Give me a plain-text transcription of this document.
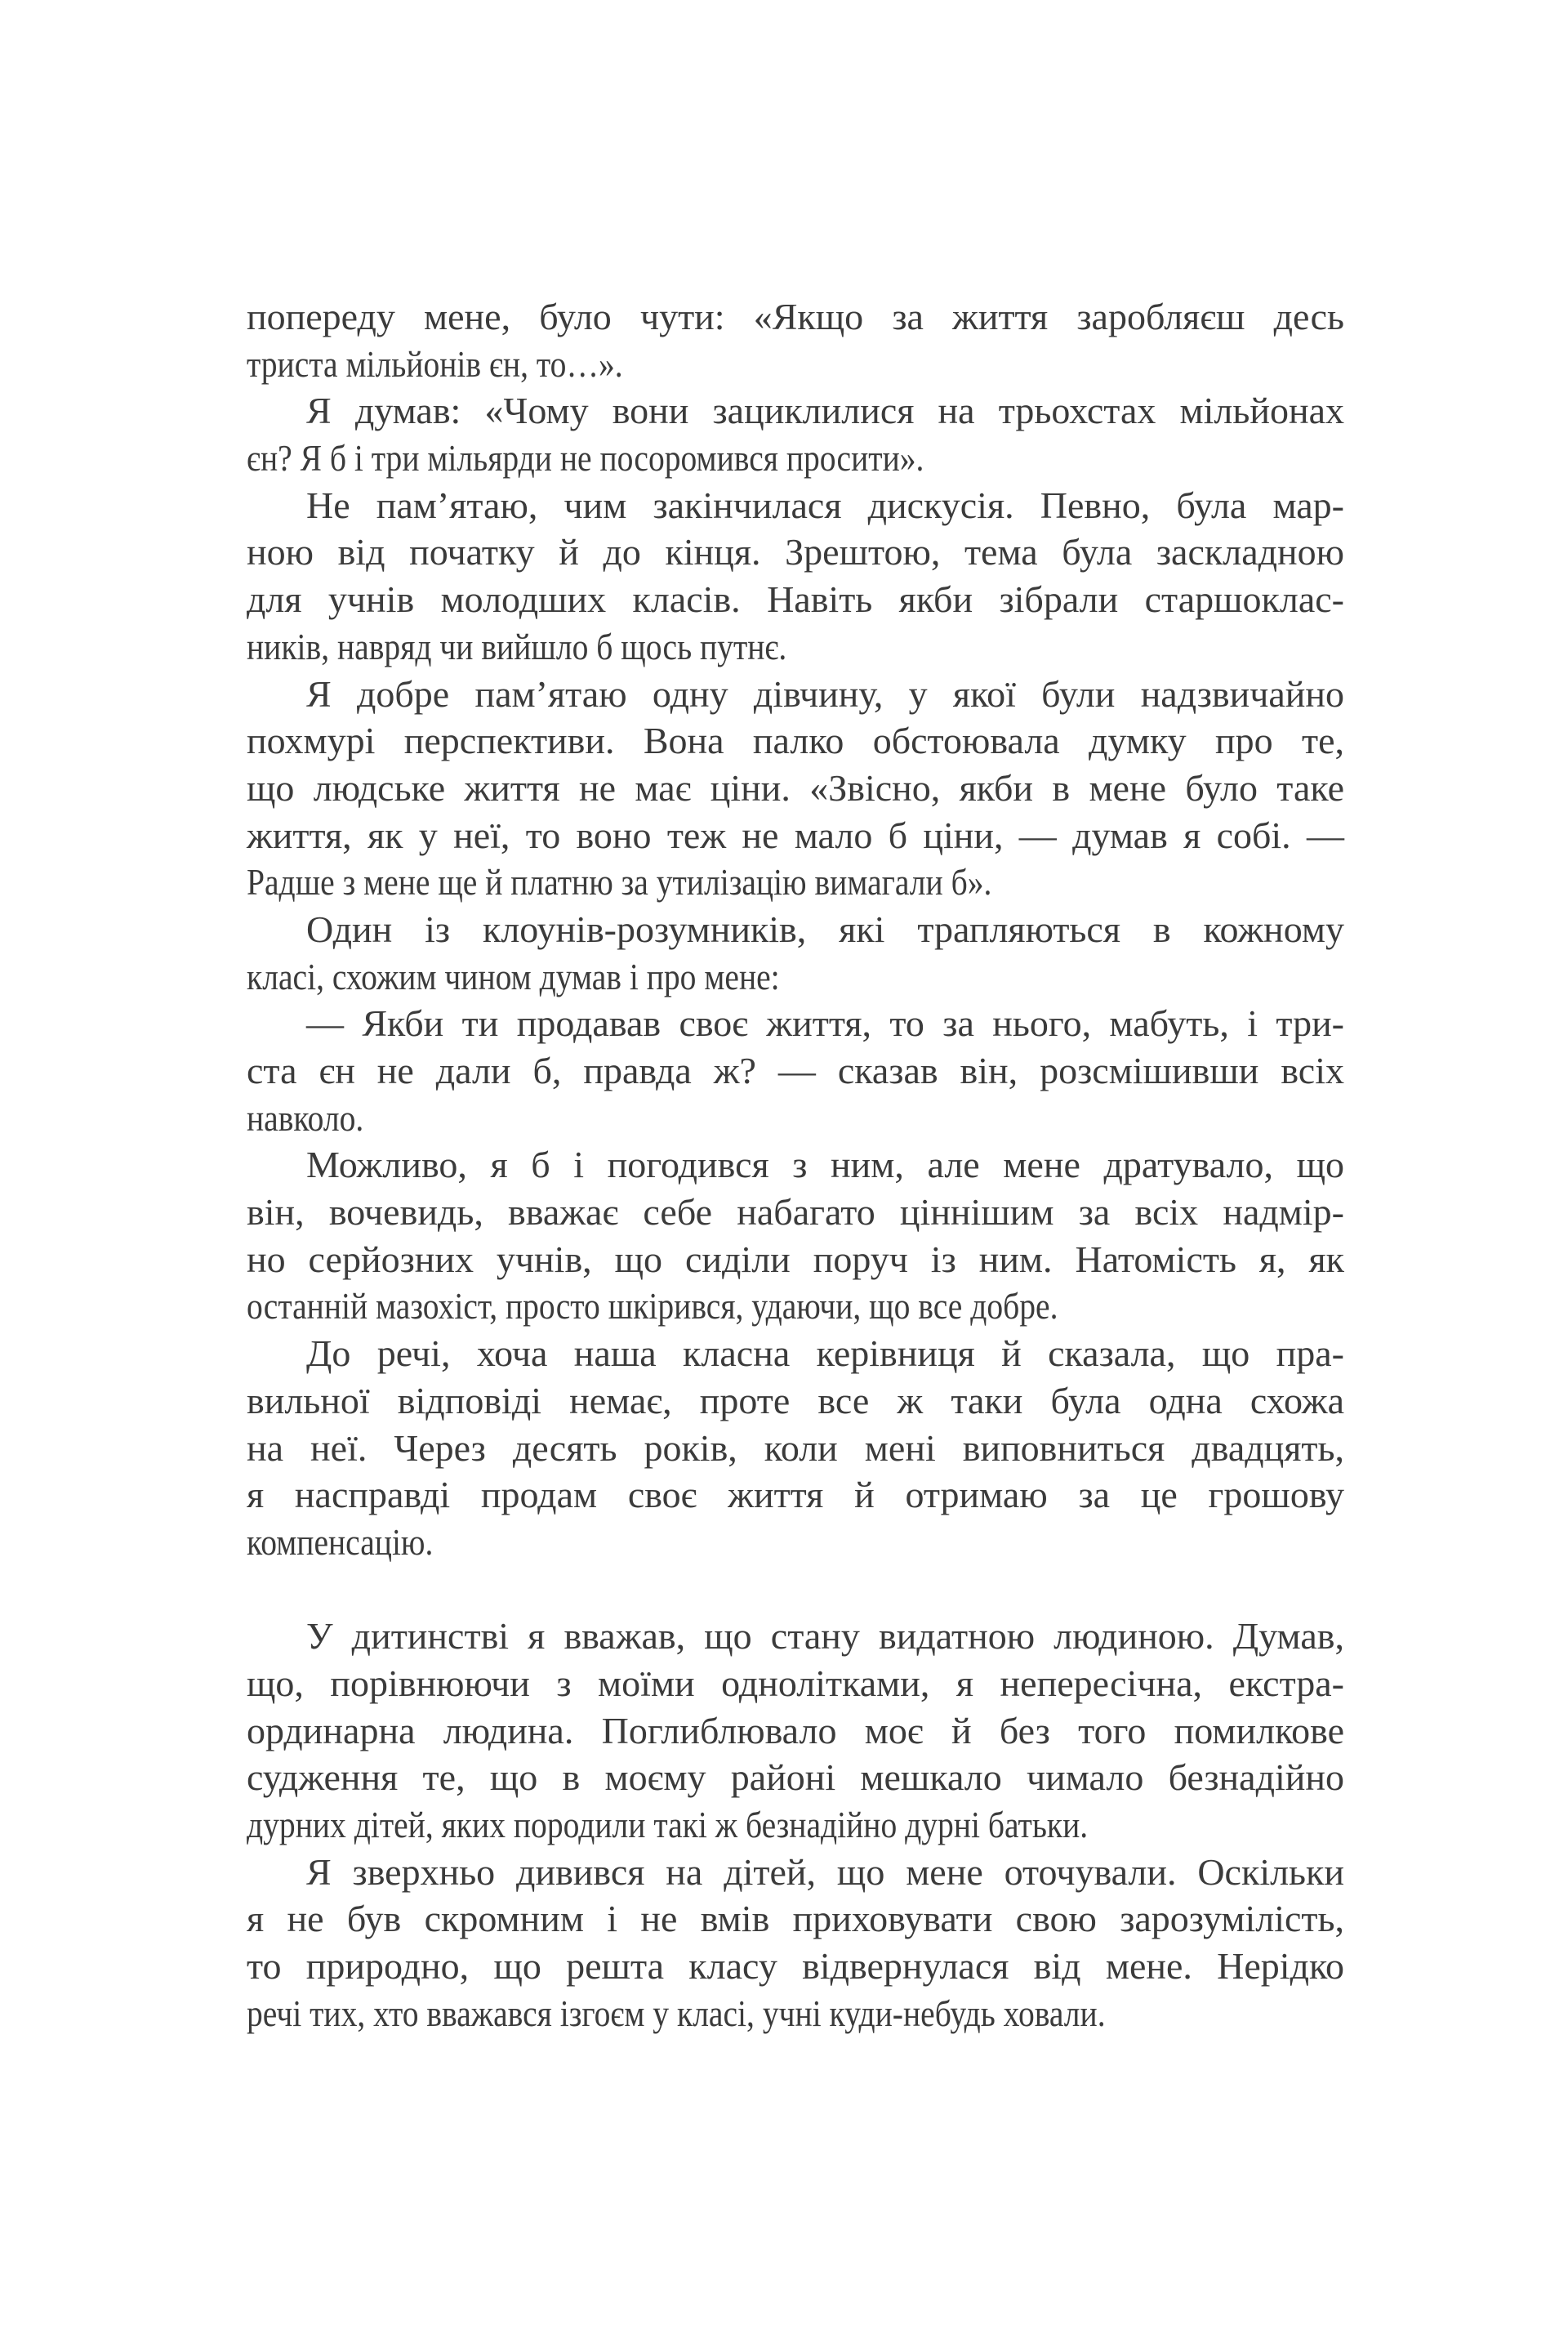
попереду мене, було чути: «Якщо за життя заробляєш десь
триста мільйонів єн, то…».
Я думав: «Чому вони зациклилися на трьохстах мільйонах
єн? Я б і три мільярди не посоромився просити».
Не пам’ятаю, чим закінчилася дискусія. Певно, була мар-
ною від початку й до кінця. Зрештою, тема була заскладною
для учнів молодших класів. Навіть якби зібрали старшоклас-
ників, навряд чи вийшло б щось путнє.
Я добре пам’ятаю одну дівчину, у якої були надзвичайно
похмурі перспективи. Вона палко обстоювала думку про те,
що людське життя не має ціни. «Звісно, якби в мене було таке
життя, як у неї, то воно теж не мало б ціни, — думав я собі. —
Радше з мене ще й платню за утилізацію вимагали б».
Один із клоунів-розумників, які трапляються в кожному
класі, схожим чином думав і про мене:
— Якби ти продавав своє життя, то за нього, мабуть, і три-
ста єн не дали б, правда ж? — сказав він, розсмішивши всіх
навколо.
Можливо, я б і погодився з ним, але мене дратувало, що
він, вочевидь, вважає себе набагато ціннішим за всіх надмір-
но серйозних учнів, що сиділи поруч із ним. Натомість я, як
останній мазохіст, просто шкірився, удаючи, що все добре.
До речі, хоча наша класна керівниця й сказала, що пра-
вильної відповіді немає, проте все ж таки була одна схожа
на неї. Через десять років, коли мені виповниться двадцять,
я насправді продам своє життя й отримаю за це грошову
компенсацію.
У дитинстві я вважав, що стану видатною людиною. Думав,
що, порівнюючи з моїми однолітками, я непересічна, екстра-
ординарна людина. Поглиблювало моє й без того помилкове
судження те, що в моєму районі мешкало чимало безнадійно
дурних дітей, яких породили такі ж безнадійно дурні батьки.
Я зверхньо дивився на дітей, що мене оточували. Оскільки
я не був скромним і не вмів приховувати свою зарозумілість,
то природно, що решта класу відвернулася від мене. Нерідко
речі тих, хто вважався ізгоєм у класі, учні куди-небудь ховали.
